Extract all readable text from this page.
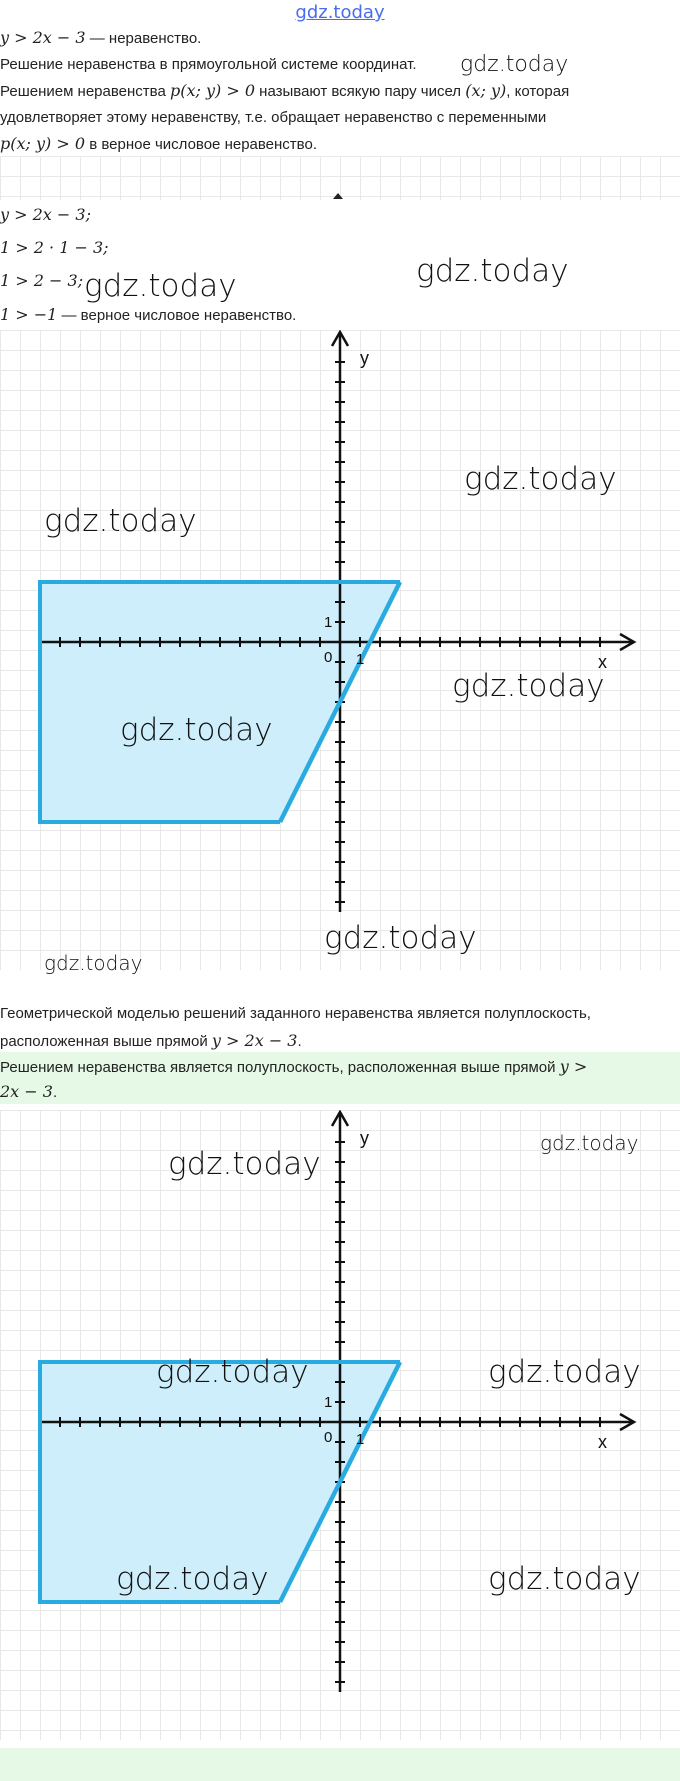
gdz.today
y > 2x − 3 — неравенство.
Решение неравенства в прямоугольной системе координат.
Решением неравенства p(x; y) > 0 называют всякую пару чисел (x; y), которая
удовлетворяет этому неравенству, т.е. обращает неравенство с переменными
p(x; y) > 0 в верное числовое неравенство.
y > 2x − 3;
1 > 2 · 1 − 3;
1 > 2 − 3;
1 > −1 — верное числовое неравенство.
x
y
0 1
1
Геометрической моделью решений заданного неравенства является полуплоскость,
расположенная выше прямой y > 2x − 3.
Решением неравенства является полуплоскость, расположенная выше прямой y >
2x − 3.
x
y
0 1
1
gdz.today
gdz.today	gdz.today
gdz.today
gdz.today
gdz.today
gdz.today
gdz.today
gdz.today
gdz.today
gdz.today
gdz.today	gdz.today
gdz.today	gdz.today
